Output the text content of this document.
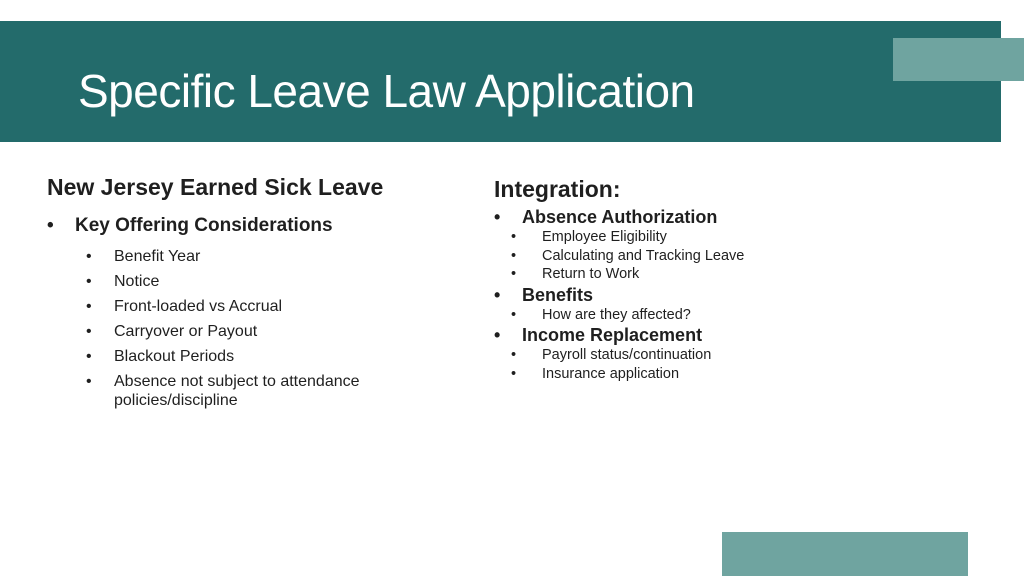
Specific Leave Law Application
New Jersey Earned Sick Leave
• Key Offering Considerations
• Benefit Year
• Notice
• Front-loaded vs Accrual
• Carryover or Payout
• Blackout Periods
• Absence not subject to attendance policies/discipline
Integration:
• Absence Authorization
• Employee Eligibility
• Calculating and Tracking Leave
• Return to Work
• Benefits
• How are they affected?
• Income Replacement
• Payroll status/continuation
• Insurance application
